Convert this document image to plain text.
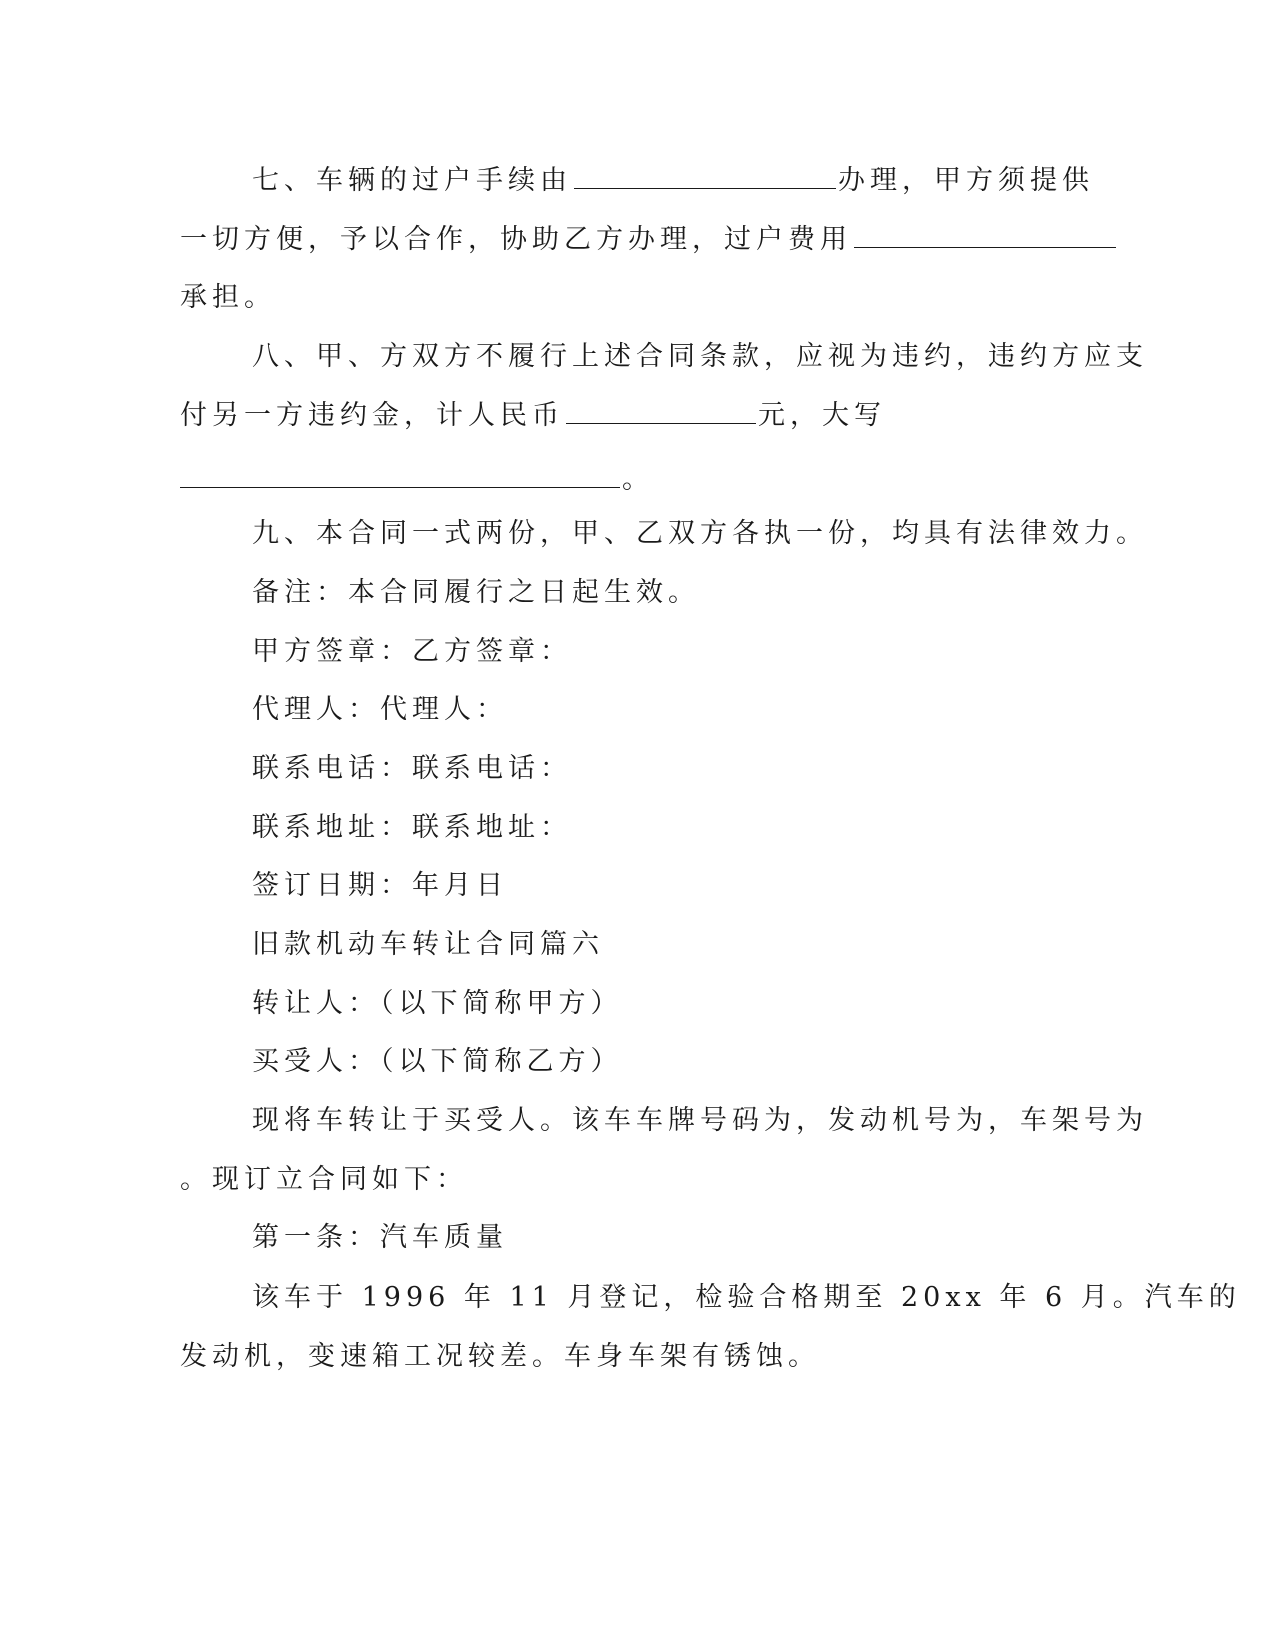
七、车辆的过户手续由	办理，甲方须提供
一切方便，予以合作，协助乙方办理，过户费用
承担。
八、甲、方双方不履行上述合同条款，应视为违约，违约方应支
付另一方违约金，计人民币	元，大写
。
九、本合同一式两份，甲、乙双方各执一份，均具有法律效力。
备注：本合同履行之日起生效。
甲方签章：乙方签章：
代理人：代理人：
联系电话：联系电话：
联系地址：联系地址：
签订日期：年月日
旧款机动车转让合同篇六
转让人：（以下简称甲方）
买受人：（以下简称乙方）
现将车转让于买受人。该车车牌号码为，发动机号为，车架号为
。现订立合同如下：
第一条：汽车质量
该车于 1996 年 11 月登记，检验合格期至 20xx 年 6 月。汽车的
发动机，变速箱工况较差。车身车架有锈蚀。
